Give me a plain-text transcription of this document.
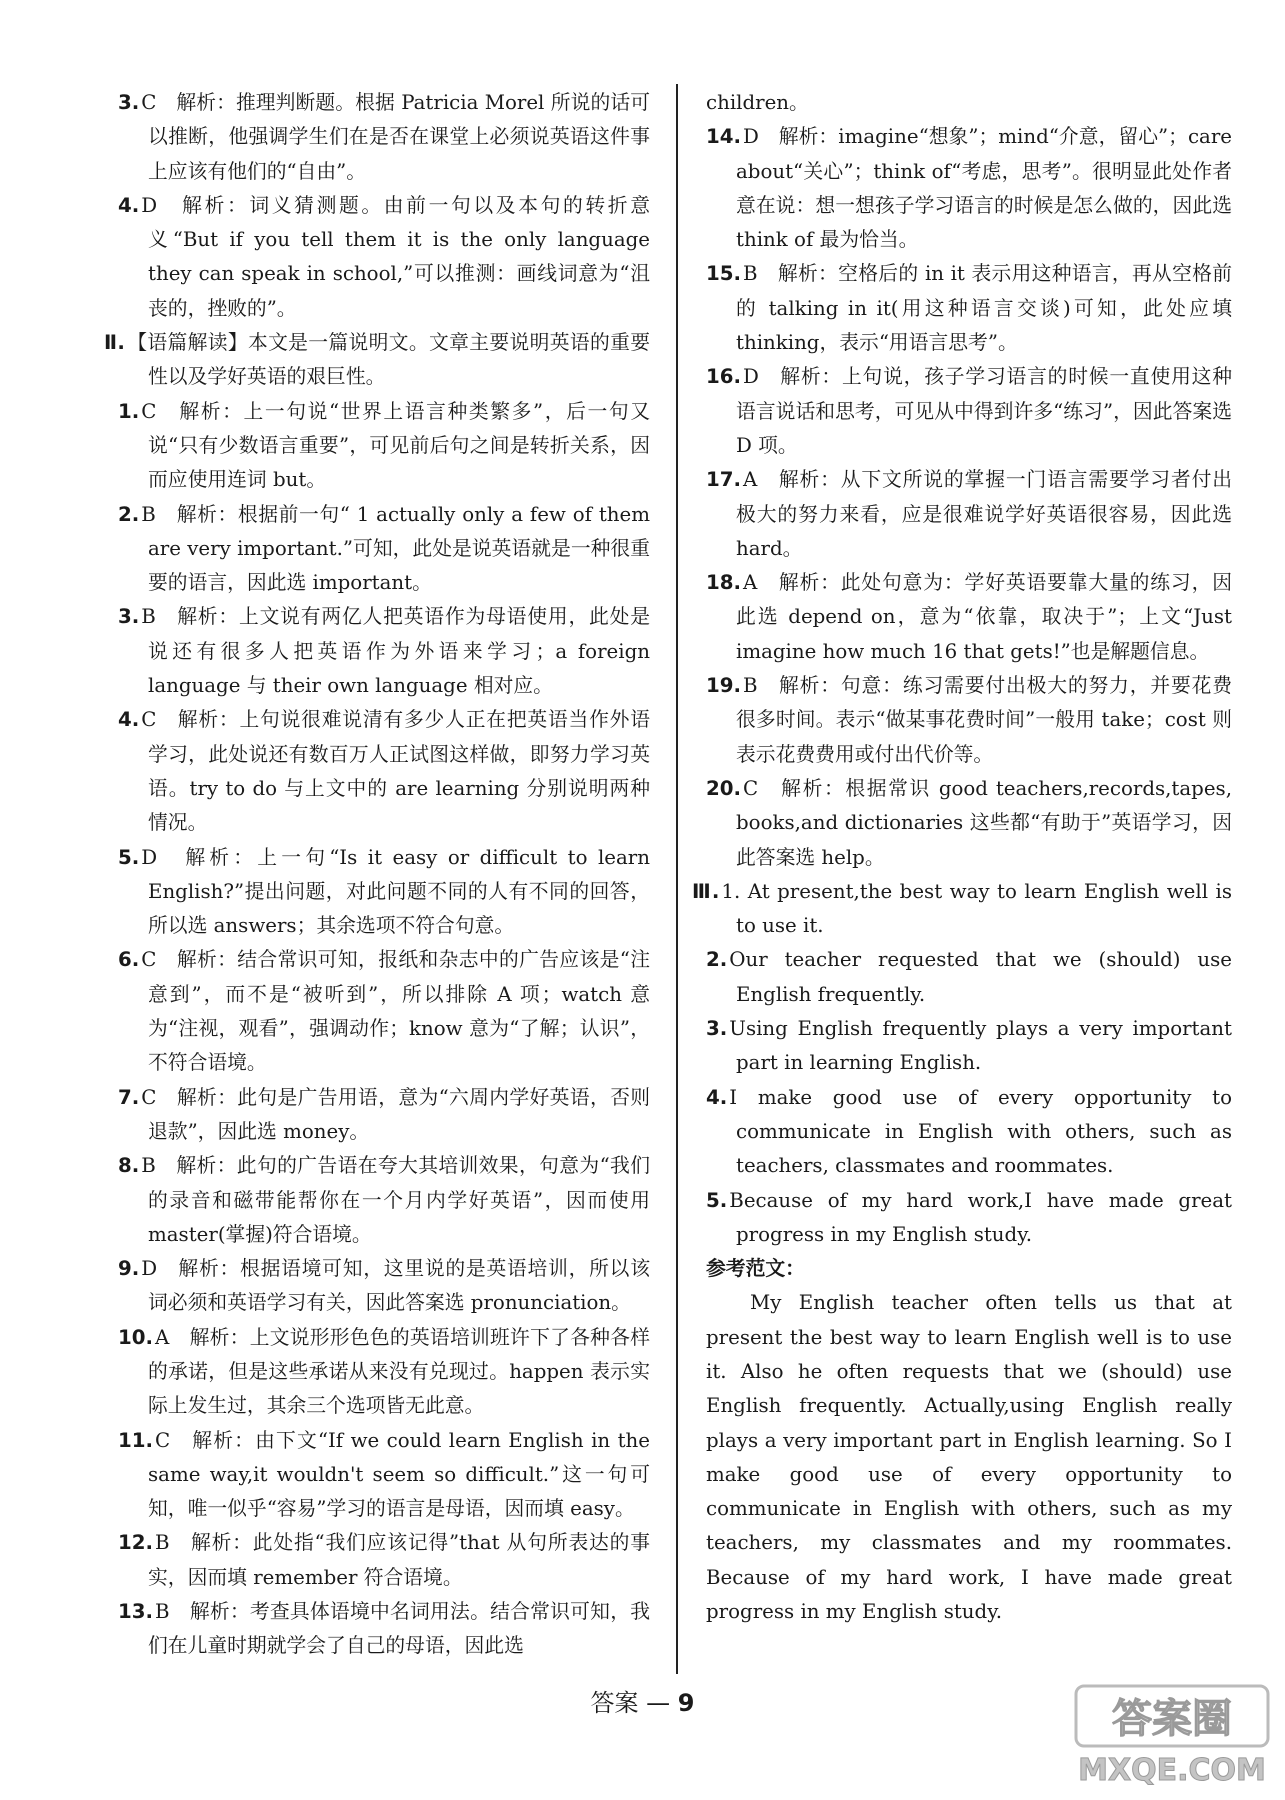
3. C　解析：推理判断题。根据 Patricia Morel 所说的话可以推断，他强调学生们在是否在课堂上必须说英语这件事上应该有他们的“自由”。

4. D　解析：词义猜测题。由前一句以及本句的转折意义“But if you tell them it is the only language they can speak in school,”可以推测：画线词意为“沮丧的，挫败的”。

Ⅱ. 【语篇解读】本文是一篇说明文。文章主要说明英语的重要性以及学好英语的艰巨性。

1. C　解析：上一句说“世界上语言种类繁多”，后一句又说“只有少数语言重要”，可见前后句之间是转折关系，因而应使用连词 but。

2. B　解析：根据前一句“ 1 actually only a few of them are very important.”可知，此处是说英语就是一种很重要的语言，因此选 important。

3. B　解析：上文说有两亿人把英语作为母语使用，此处是说还有很多人把英语作为外语来学习；a foreign language 与 their own language 相对应。

4. C　解析：上句说很难说清有多少人正在把英语当作外语学习，此处说还有数百万人正试图这样做，即努力学习英语。try to do 与上文中的 are learning 分别说明两种情况。

5. D　解析：上一句“Is it easy or difficult to learn English?”提出问题，对此问题不同的人有不同的回答，所以选 answers；其余选项不符合句意。

6. C　解析：结合常识可知，报纸和杂志中的广告应该是“注意到”，而不是“被听到”，所以排除 A 项；watch 意为“注视，观看”，强调动作；know 意为“了解；认识”，不符合语境。

7. C　解析：此句是广告用语，意为“六周内学好英语，否则退款”，因此选 money。

8. B　解析：此句的广告语在夸大其培训效果，句意为“我们的录音和磁带能帮你在一个月内学好英语”，因而使用 master(掌握)符合语境。

9. D　解析：根据语境可知，这里说的是英语培训，所以该词必须和英语学习有关，因此答案选 pronunciation。

10. A　解析：上文说形形色色的英语培训班许下了各种各样的承诺，但是这些承诺从来没有兑现过。happen 表示实际上发生过，其余三个选项皆无此意。

11. C　解析：由下文“If we could learn English in the same way,it wouldn't seem so difficult.”这一句可知，唯一似乎“容易”学习的语言是母语，因而填 easy。

12. B　解析：此处指“我们应该记得”that 从句所表达的事实，因而填 remember 符合语境。

13. B　解析：考查具体语境中名词用法。结合常识可知，我们在儿童时期就学会了自己的母语，因此选

children。

14. D　解析：imagine“想象”；mind“介意，留心”；care about“关心”；think of“考虑，思考”。很明显此处作者意在说：想一想孩子学习语言的时候是怎么做的，因此选 think of 最为恰当。

15. B　解析：空格后的 in it 表示用这种语言，再从空格前的 talking in it(用这种语言交谈)可知，此处应填 thinking，表示“用语言思考”。

16. D　解析：上句说，孩子学习语言的时候一直使用这种语言说话和思考，可见从中得到许多“练习”，因此答案选 D 项。

17. A　解析：从下文所说的掌握一门语言需要学习者付出极大的努力来看，应是很难说学好英语很容易，因此选 hard。

18. A　解析：此处句意为：学好英语要靠大量的练习，因此选 depend on，意为“依靠，取决于”；上文“Just imagine how much 16 that gets!”也是解题信息。

19. B　解析：句意：练习需要付出极大的努力，并要花费很多时间。表示“做某事花费时间”一般用 take；cost 则表示花费费用或付出代价等。

20. C　解析：根据常识 good teachers,records,tapes, books,and dictionaries 这些都“有助于”英语学习，因此答案选 help。

Ⅲ. 1. At present,the best way to learn English well is to use it.

2. Our teacher requested that we (should) use English frequently.

3. Using English frequently plays a very important part in learning English.

4. I make good use of every opportunity to communicate in English with others, such as teachers, classmates and roommates.

5. Because of my hard work,I have made great progress in my English study.

参考范文：

My English teacher often tells us that at present the best way to learn English well is to use it. Also he often requests that we (should) use English frequently. Actually,using English really plays a very important part in English learning. So I make good use of every opportunity to communicate in English with others, such as my teachers, my classmates and my roommates. Because of my hard work, I have made great progress in my English study.

答案 — 9	答案圈
MXQE.COM
